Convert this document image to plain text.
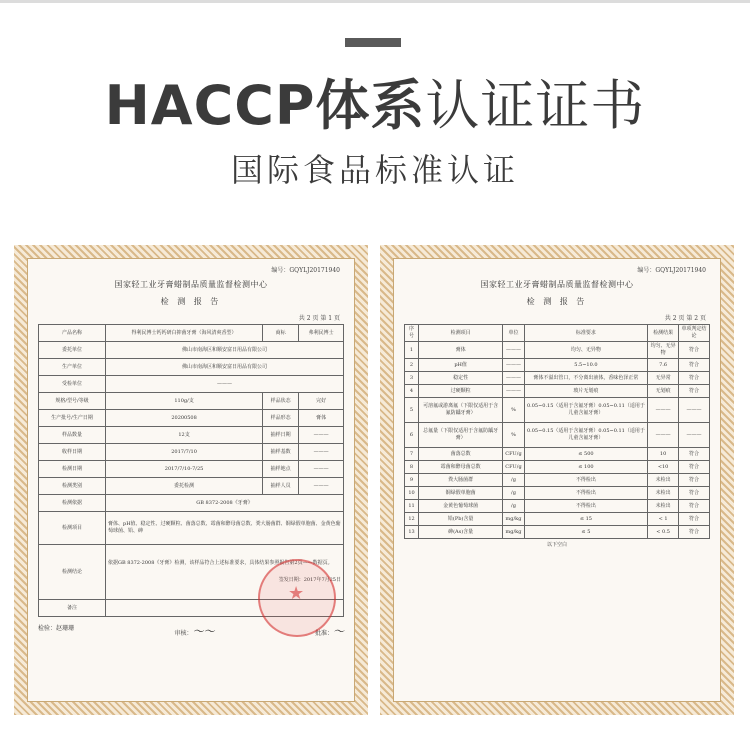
HACCP体系认证证书
国际食品标准认证
编号：GQYLJ20171940
国家轻工业牙膏蜡制品质量监督检测中心
检 测 报 告
共 2 页 第 1 页
产品名称	得利民博士钙钙研白抑菌牙膏（海风清爽香型）	商标	弗利民博士
委托单位	佛山市南海区和顺安富日用品有限公司		
生产单位	佛山市南海区和顺安富日用品有限公司		
受检单位	———		
规格/型号/等级	110g/支	样品状态	完好
生产批号/生产日期	20200508	样品形态	膏体
样品数量	12支	抽样日期	———
收样日期	2017/7/10	抽样基数	———
检测日期	2017/7/10-7/25	抽样地点	———
检测类别	委托检测	抽样人员	———
检测依据	GB 8372-2008《牙膏》		
检测项目	膏体、pH值、稳定性、过硬颗粒、菌落总数、霉菌和酵母菌总数、粪大肠菌群、铜绿假单胞菌、金黄色葡萄球菌、铅、砷		
检测结论	依据GB 8372-2008《牙膏》检测，该样品符合上述标准要求，具体结果参照报告第2页——数据页。
签发日期：2017年7月25日		

备注			
检验：赵珊珊
审核：～～	批准：～
★
编号：GQYLJ20171940
国家轻工业牙膏蜡制品质量监督检测中心
检 测 报 告
共 2 页 第 2 页
序号	检测项目	单位	标准要求	检测结果	单项判定结论
1	膏体	———	均匀、无异物	均匀、无异物	符合
2	pH值	———	5.5~10.0	7.6	符合
3	稳定性	———	膏体不溢出管口，不分离出液体，香味色泽正常	无异常	符合
4	过硬颗粒	———	玻片无划痕	无划痕	符合
5	可溶氟或游离氟（下限仅适用于含氟防龋牙膏）	%	0.05~0.15（适用于含氟牙膏）0.05~0.11（适用于儿童含氟牙膏）	———	———
6	总氟量（下限仅适用于含氟防龋牙膏）	%	0.05~0.15（适用于含氟牙膏）0.05~0.11（适用于儿童含氟牙膏）	———	———
7	菌落总数	CFU/g	≤ 500	10	符合
8	霉菌和酵母菌总数	CFU/g	≤ 100	<10	符合
9	粪大肠菌群	/g	不得检出	未检出	符合
10	铜绿假单胞菌	/g	不得检出	未检出	符合
11	金黄色葡萄球菌	/g	不得检出	未检出	符合
12	铅(Pb)含量	mg/kg	≤ 15	< 1	符合
13	砷(As)含量	mg/kg	≤ 5	< 0.5	符合
以下空白
